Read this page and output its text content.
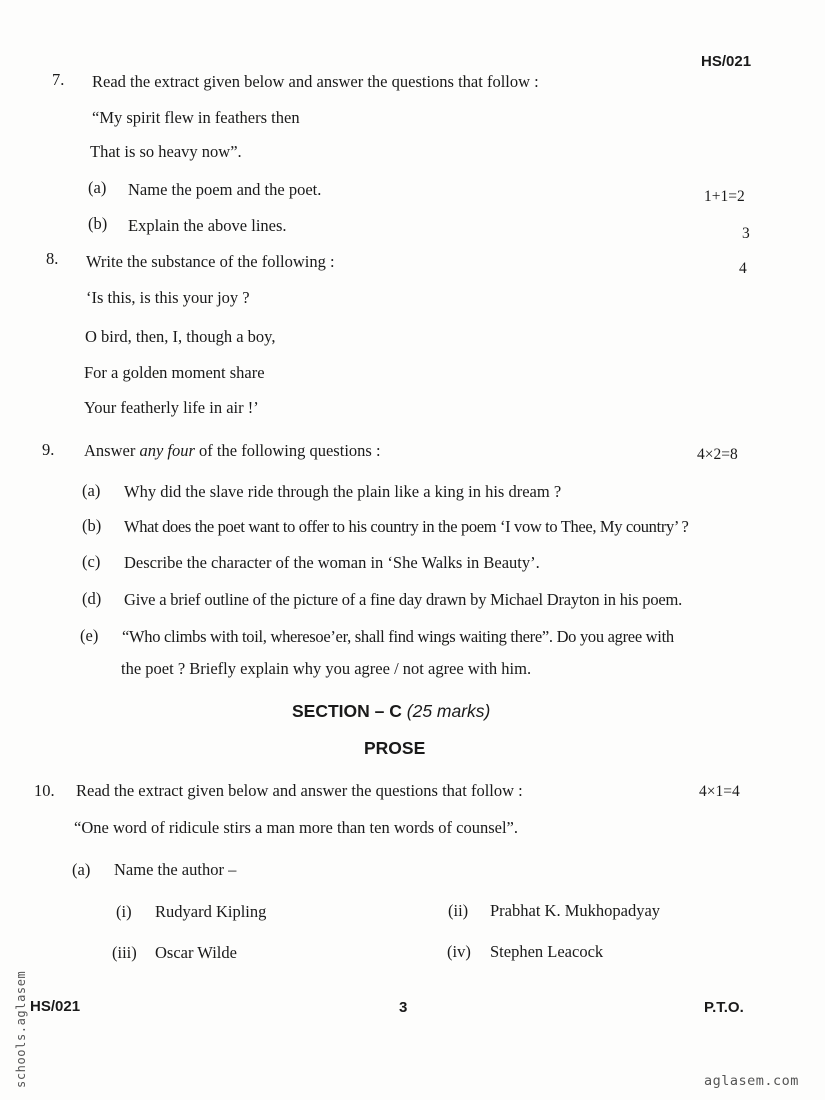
HS/021
7. Read the extract given below and answer the questions that follow :
“My spirit flew in feathers then
That is so heavy now”.
(a) Name the poem and the poet.	1+1=2
(b) Explain the above lines.	3
8. Write the substance of the following :	4
‘Is this, is this your joy ?
O bird, then, I, though a boy,
For a golden moment share
Your featherly life in air !’
9. Answer any four of the following questions :	4×2=8
(a) Why did the slave ride through the plain like a king in his dream ?
(b) What does the poet want to offer to his country in the poem ‘I vow to Thee, My country’ ?
(c) Describe the character of the woman in ‘She Walks in Beauty’.
(d) Give a brief outline of the picture of a fine day drawn by Michael Drayton in his poem.
(e) “Who climbs with toil, wheresoe’er, shall find wings waiting there”. Do you agree with
the poet ? Briefly explain why you agree / not agree with him.
SECTION – C (25 marks)
PROSE
10. Read the extract given below and answer the questions that follow :	4×1=4
“One word of ridicule stirs a man more than ten words of counsel”.
(a) Name the author –
(i) Rudyard Kipling	(ii) Prabhat K. Mukhopadyay
(iii) Oscar Wilde	(iv) Stephen Leacock
HS/021	3	P.T.O.
schools.aglasem	aglasem.com
